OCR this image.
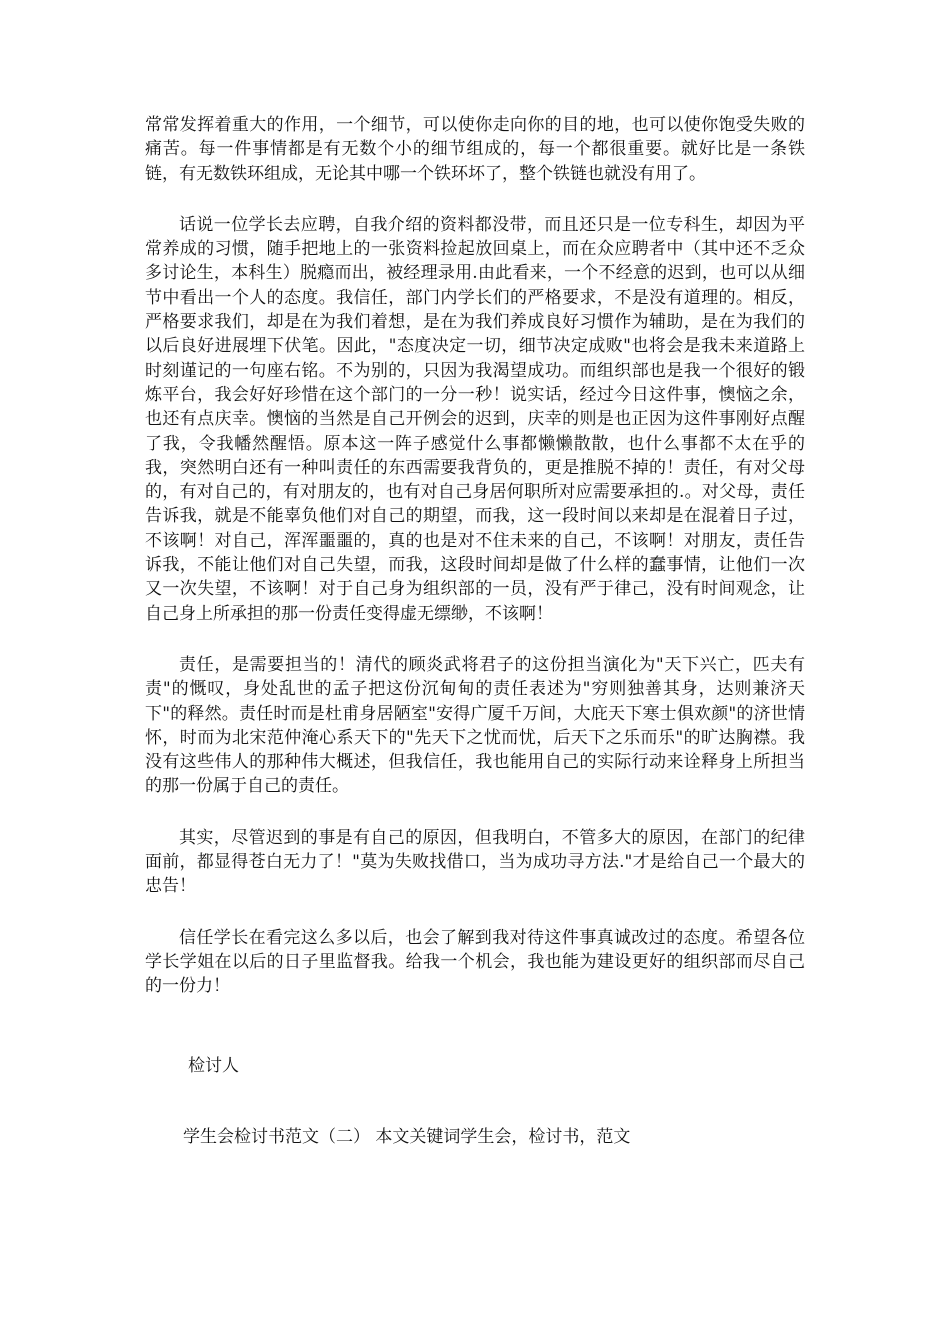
常常发挥着重大的作用，一个细节，可以使你走向你的目的地，也可以使你饱受失败的痛苦。每一件事情都是有无数个小的细节组成的，每一个都很重要。就好比是一条铁链，有无数铁环组成，无论其中哪一个铁环坏了，整个铁链也就没有用了。

话说一位学长去应聘，自我介绍的资料都没带，而且还只是一位专科生，却因为平常养成的习惯，随手把地上的一张资料捡起放回桌上，而在众应聘者中（其中还不乏众多讨论生，本科生）脱瘾而出，被经理录用.由此看来，一个不经意的迟到，也可以从细节中看出一个人的态度。我信任，部门内学长们的严格要求，不是没有道理的。相反，严格要求我们，却是在为我们着想，是在为我们养成良好习惯作为辅助，是在为我们的以后良好进展埋下伏笔。因此，"态度决定一切，细节决定成败"也将会是我未来道路上时刻谨记的一句座右铭。不为别的，只因为我渴望成功。而组织部也是我一个很好的锻炼平台，我会好好珍惜在这个部门的一分一秒！说实话，经过今日这件事，懊恼之余，也还有点庆幸。懊恼的当然是自己开例会的迟到，庆幸的则是也正因为这件事刚好点醒了我，令我幡然醒悟。原本这一阵子感觉什么事都懒懒散散，也什么事都不太在乎的我，突然明白还有一种叫责任的东西需要我背负的，更是推脱不掉的！责任，有对父母的，有对自己的，有对朋友的，也有对自己身居何职所对应需要承担的.。对父母，责任告诉我，就是不能辜负他们对自己的期望，而我，这一段时间以来却是在混着日子过，不该啊！对自己，浑浑噩噩的，真的也是对不住未来的自己，不该啊！对朋友，责任告诉我，不能让他们对自己失望，而我，这段时间却是做了什么样的蠢事情，让他们一次又一次失望，不该啊！对于自己身为组织部的一员，没有严于律己，没有时间观念，让自己身上所承担的那一份责任变得虚无缥缈，不该啊！

责任，是需要担当的！清代的顾炎武将君子的这份担当演化为"天下兴亡，匹夫有责"的慨叹，身处乱世的孟子把这份沉甸甸的责任表述为"穷则独善其身，达则兼济天下"的释然。责任时而是杜甫身居陋室"安得广厦千万间，大庇天下寒士俱欢颜"的济世情怀，时而为北宋范仲淹心系天下的"先天下之忧而忧，后天下之乐而乐"的旷达胸襟。我没有这些伟人的那种伟大概述，但我信任，我也能用自己的实际行动来诠释身上所担当的那一份属于自己的责任。

其实，尽管迟到的事是有自己的原因，但我明白，不管多大的原因，在部门的纪律面前，都显得苍白无力了！"莫为失败找借口，当为成功寻方法."才是给自己一个最大的忠告！

信任学长在看完这么多以后，也会了解到我对待这件事真诚改过的态度。希望各位学长学姐在以后的日子里监督我。给我一个机会，我也能为建设更好的组织部而尽自己的一份力！

检讨人
学生会检讨书范文（二） 本文关键词学生会，检讨书，范文
